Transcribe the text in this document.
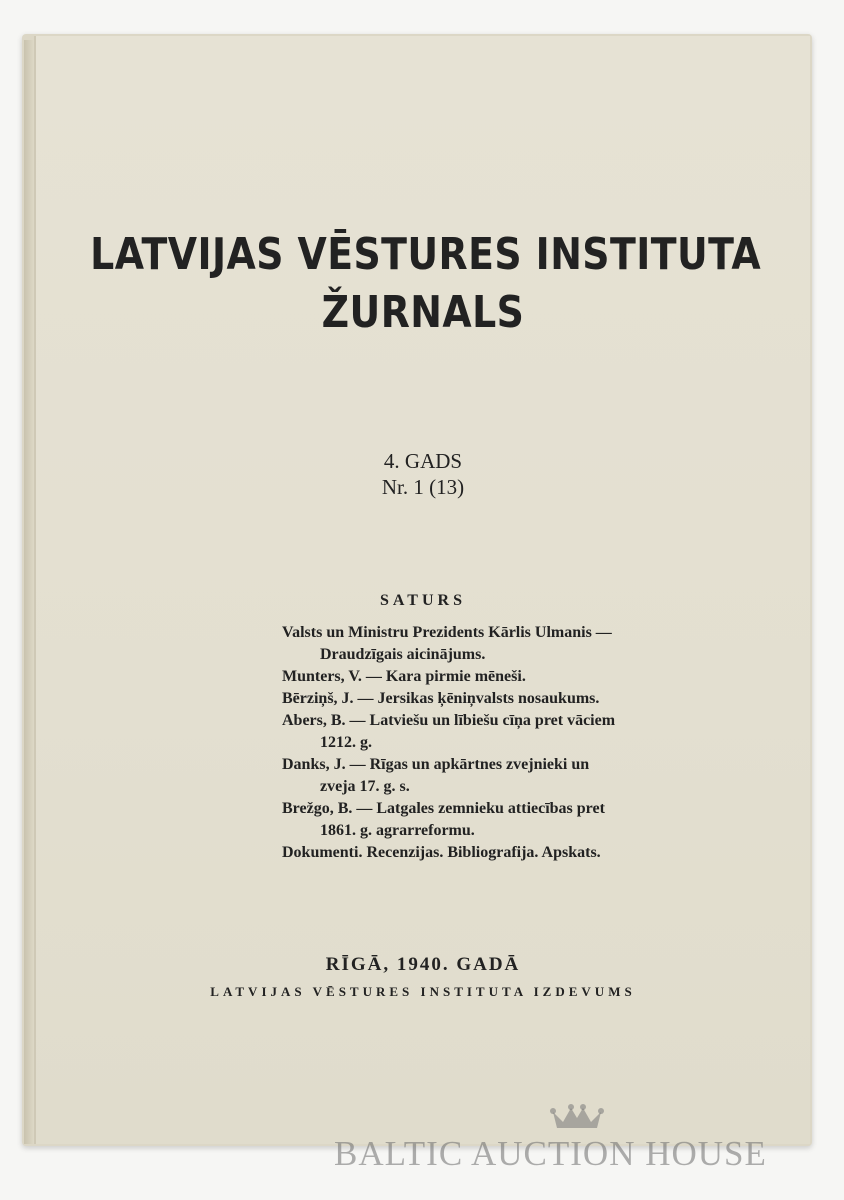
LATVIJAS VĒSTURES INSTITUTA
ŽURNALS
4. GADS
Nr. 1 (13)
SATURS
Valsts un Ministru Prezidents Kārlis Ulmanis —
Draudzīgais aicinājums.
Munters, V. — Kara pirmie mēneši.
Bērziņš, J. — Jersikas ķēniņvalsts nosaukums.
Abers, B. — Latviešu un lībiešu cīņa pret vāciem
1212. g.
Danks, J. — Rīgas un apkārtnes zvejnieki un
zveja 17. g. s.
Brežgo, B. — Latgales zemnieku attiecības pret
1861. g. agrarreformu.
Dokumenti. Recenzijas. Bibliografija. Apskats.
RĪGĀ, 1940. GADĀ
LATVIJAS VĒSTURES INSTITUTA IZDEVUMS
BALTIC AUCTION HOUSE
